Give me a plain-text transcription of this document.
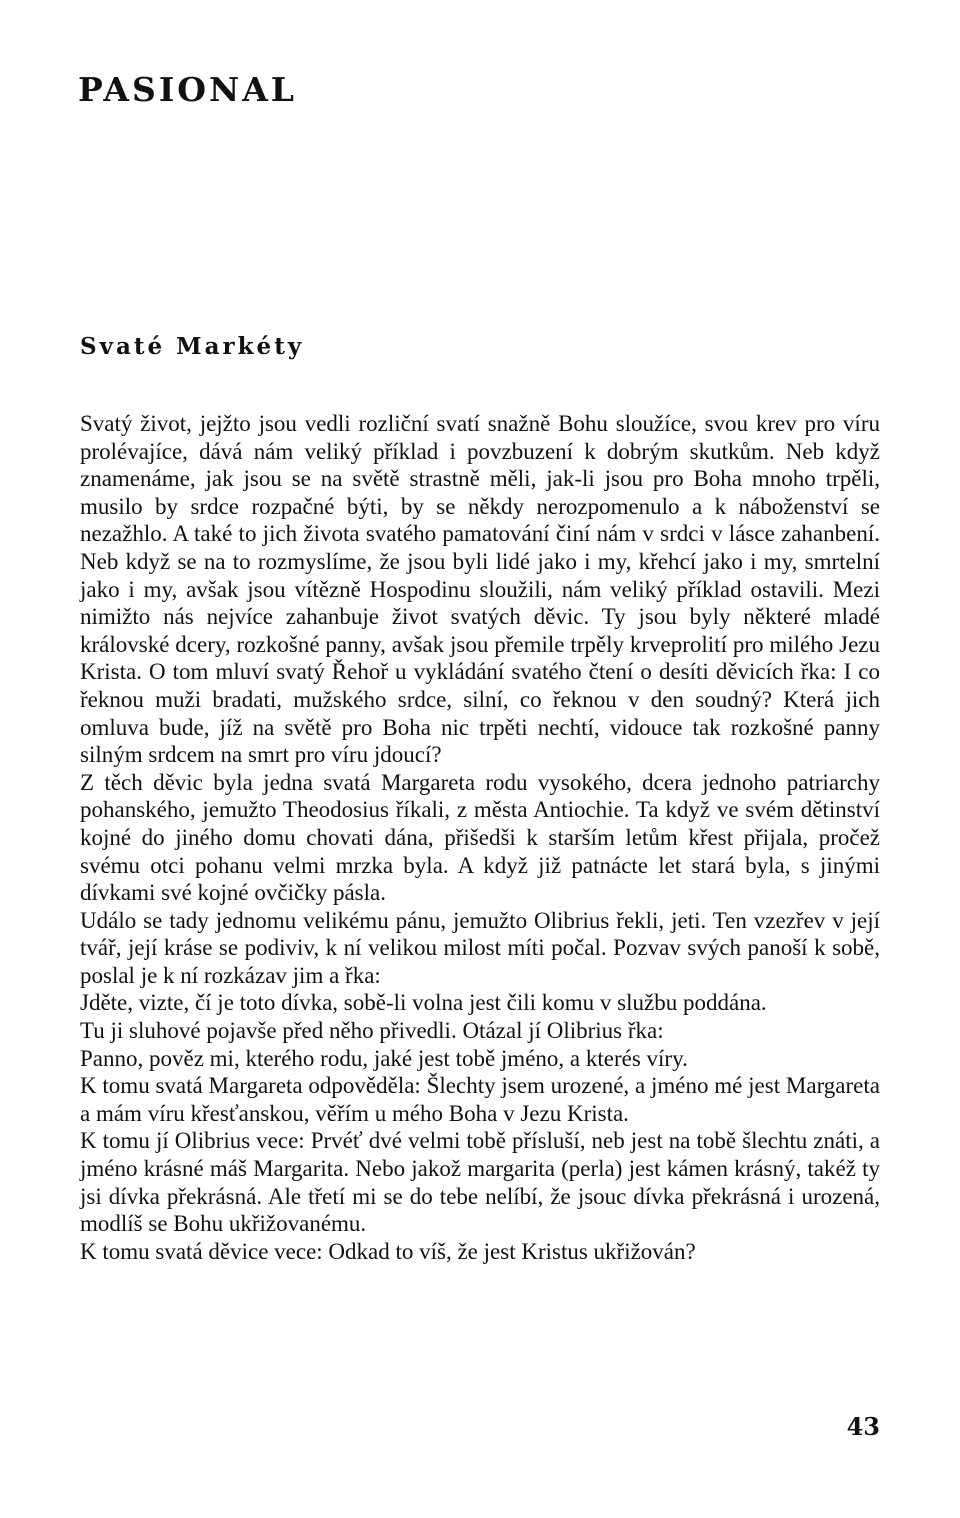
PASIONAL
Svaté Markéty

Svatý život, jejžto jsou vedli rozliční svatí snažně Bohu sloužíce, svou krev pro víru prolévajíce, dává nám veliký příklad i povzbuzení k dobrým skutkům. Neb když znamenáme, jak jsou se na světě strastně měli, jak-li jsou pro Boha mnoho trpěli, musilo by srdce rozpačné býti, by se někdy nerozpomenulo a k náboženství se nezažhlo. A také to jich života svatého pamatování činí nám v srdci v lásce zahanbení. Neb když se na to rozmyslíme, že jsou byli lidé jako i my, křehcí jako i my, smrtelní jako i my, avšak jsou vítězně Hospodinu sloužili, nám veliký příklad ostavili. Mezi nimižto nás nejvíce zahanbuje život svatých děvic. Ty jsou byly některé mladé královské dcery, rozkošné panny, avšak jsou přemile trpěly krveprolití pro milého Jezu Krista. O tom mluví svatý Řehoř u vykládání svatého čtení o desíti děvicích řka: I co řeknou muži bradati, mužského srdce, silní, co řeknou v den soudný? Která jich omluva bude, jíž na světě pro Boha nic trpěti nechtí, vidouce tak rozkošné panny silným srdcem na smrt pro víru jdoucí?

Z těch děvic byla jedna svatá Margareta rodu vysokého, dcera jednoho patriarchy pohanského, jemužto Theodosius říkali, z města Antiochie. Ta když ve svém dětinství kojné do jiného domu chovati dána, přišedši k starším letům křest přijala, pročež svému otci pohanu velmi mrzka byla. A když již patnácte let stará byla, s jinými dívkami své kojné ovčičky pásla.

Událo se tady jednomu velikému pánu, jemužto Olibrius řekli, jeti. Ten vzezřev v její tvář, její kráse se podiviv, k ní velikou milost míti počal. Pozvav svých panoší k sobě, poslal je k ní rozkázav jim a řka:

Jděte, vizte, čí je toto dívka, sobě-li volna jest čili komu v službu poddána.

Tu ji sluhové pojavše před něho přivedli. Otázal jí Olibrius řka:

Panno, pověz mi, kterého rodu, jaké jest tobě jméno, a kterés víry.

K tomu svatá Margareta odpověděla: Šlechty jsem urozené, a jméno mé jest Margareta a mám víru křesťanskou, věřím u mého Boha v Jezu Krista.

K tomu jí Olibrius vece: Prvéť dvé velmi tobě přísluší, neb jest na tobě šlechtu znáti, a jméno krásné máš Margarita. Nebo jakož margarita (perla) jest kámen krásný, takéž ty jsi dívka překrásná. Ale třetí mi se do tebe nelíbí, že jsouc dívka překrásná i urozená, modlíš se Bohu ukřižovanému.

K tomu svatá děvice vece: Odkad to víš, že jest Kristus ukřižován?

43
